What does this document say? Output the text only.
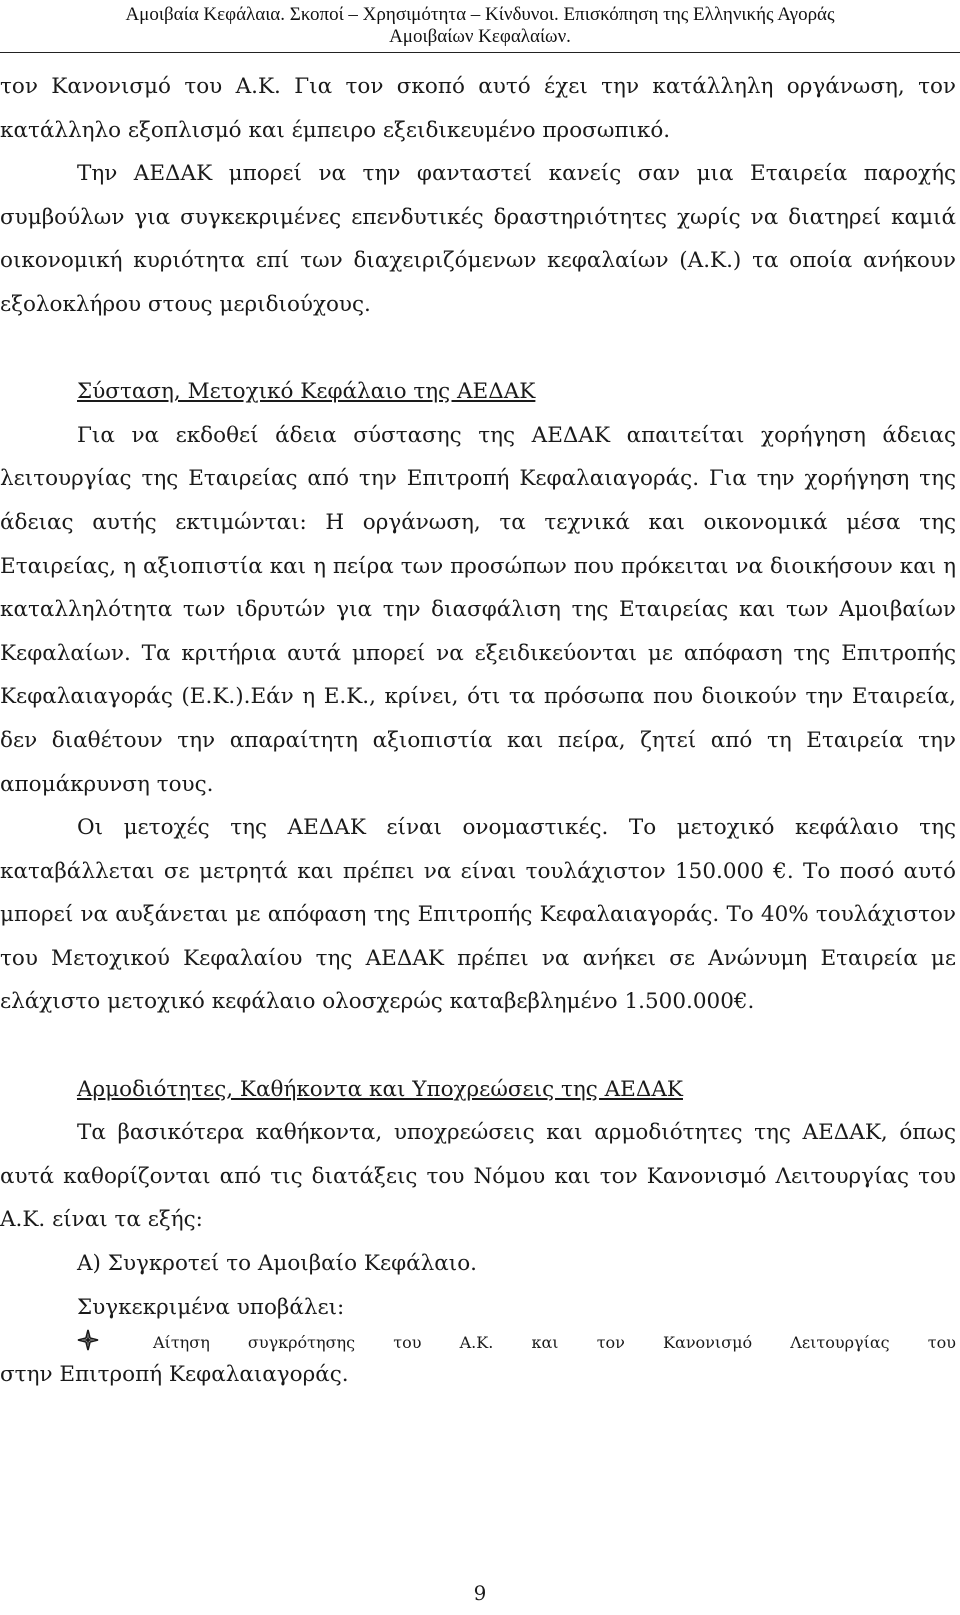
Αμοιβαία Κεφάλαια. Σκοποί – Χρησιμότητα – Κίνδυνοι. Επισκόπηση της Ελληνικής Αγοράς
Αμοιβαίων Κεφαλαίων.

τον Κανονισμό του Α.Κ. Για τον σκοπό αυτό έχει την κατάλληλη οργάνωση, τον κατάλληλο εξοπλισμό και έμπειρο εξειδικευμένο προσωπικό.

Την ΑΕΔΑΚ μπορεί να την φανταστεί κανείς σαν μια Εταιρεία παροχής συμβούλων για συγκεκριμένες επενδυτικές δραστηριότητες χωρίς να διατηρεί καμιά οικονομική κυριότητα επί των διαχειριζόμενων κεφαλαίων (Α.Κ.) τα οποία ανήκουν εξολοκλήρου στους μεριδιούχους.

Σύσταση, Μετοχικό Κεφάλαιο της ΑΕΔΑΚ

Για να εκδοθεί άδεια σύστασης της ΑΕΔΑΚ απαιτείται χορήγηση άδειας λειτουργίας της Εταιρείας από την Επιτροπή Κεφαλαιαγοράς. Για την χορήγηση της άδειας αυτής εκτιμώνται: Η οργάνωση, τα τεχνικά και οικονομικά μέσα της Εταιρείας, η αξιοπιστία και η πείρα των προσώπων που πρόκειται να διοικήσουν και η καταλληλότητα των ιδρυτών για την διασφάλιση της Εταιρείας και των Αμοιβαίων Κεφαλαίων. Τα κριτήρια αυτά μπορεί να εξειδικεύονται με απόφαση της Επιτροπής Κεφαλαιαγοράς (Ε.Κ.).Εάν η Ε.Κ., κρίνει, ότι τα πρόσωπα που διοικούν την Εταιρεία, δεν διαθέτουν την απαραίτητη αξιοπιστία και πείρα, ζητεί από τη Εταιρεία την απομάκρυνση τους.

Οι μετοχές της ΑΕΔΑΚ είναι ονομαστικές. Το μετοχικό κεφάλαιο της καταβάλλεται σε μετρητά και πρέπει να είναι τουλάχιστον 150.000 €. Το ποσό αυτό μπορεί να αυξάνεται με απόφαση της Επιτροπής Κεφαλαιαγοράς. Το 40% τουλάχιστον του Μετοχικού Κεφαλαίου της ΑΕΔΑΚ πρέπει να ανήκει σε Ανώνυμη Εταιρεία με ελάχιστο μετοχικό κεφάλαιο ολοσχερώς καταβεβλημένο 1.500.000€.

Αρμοδιότητες, Καθήκοντα και Υποχρεώσεις της ΑΕΔΑΚ

Τα βασικότερα καθήκοντα, υποχρεώσεις και αρμοδιότητες της ΑΕΔΑΚ, όπως αυτά καθορίζονται από τις διατάξεις του Νόμου και τον Κανονισμό Λειτουργίας του Α.Κ. είναι τα εξής:

Α) Συγκροτεί το Αμοιβαίο Κεφάλαιο.

Συγκεκριμένα υποβάλει:

Αίτηση συγκρότησης του Α.Κ. και τον Κανονισμό Λειτουργίας του

στην Επιτροπή Κεφαλαιαγοράς.

9
